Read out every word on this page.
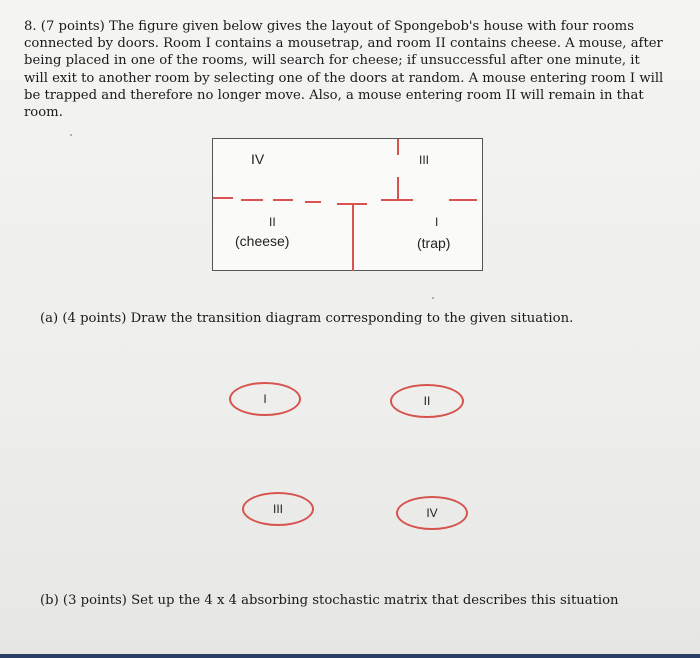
8. (7 points) The figure given below gives the layout of Spongebob's house with four rooms connected by doors. Room I contains a mousetrap, and room II contains cheese. A mouse, after being placed in one of the rooms, will search for cheese; if unsuccessful after one minute, it will exit to another room by selecting one of the doors at random. A mouse entering room I will be trapped and therefore no longer move. Also, a mouse entering room II will remain in that room.
IV	III
II
(cheese)
I
(trap)
(a) (4 points) Draw the transition diagram corresponding to the given situation.
I	II
III	IV
(b) (3 points) Set up the 4 x 4 absorbing stochastic matrix that describes this situation
